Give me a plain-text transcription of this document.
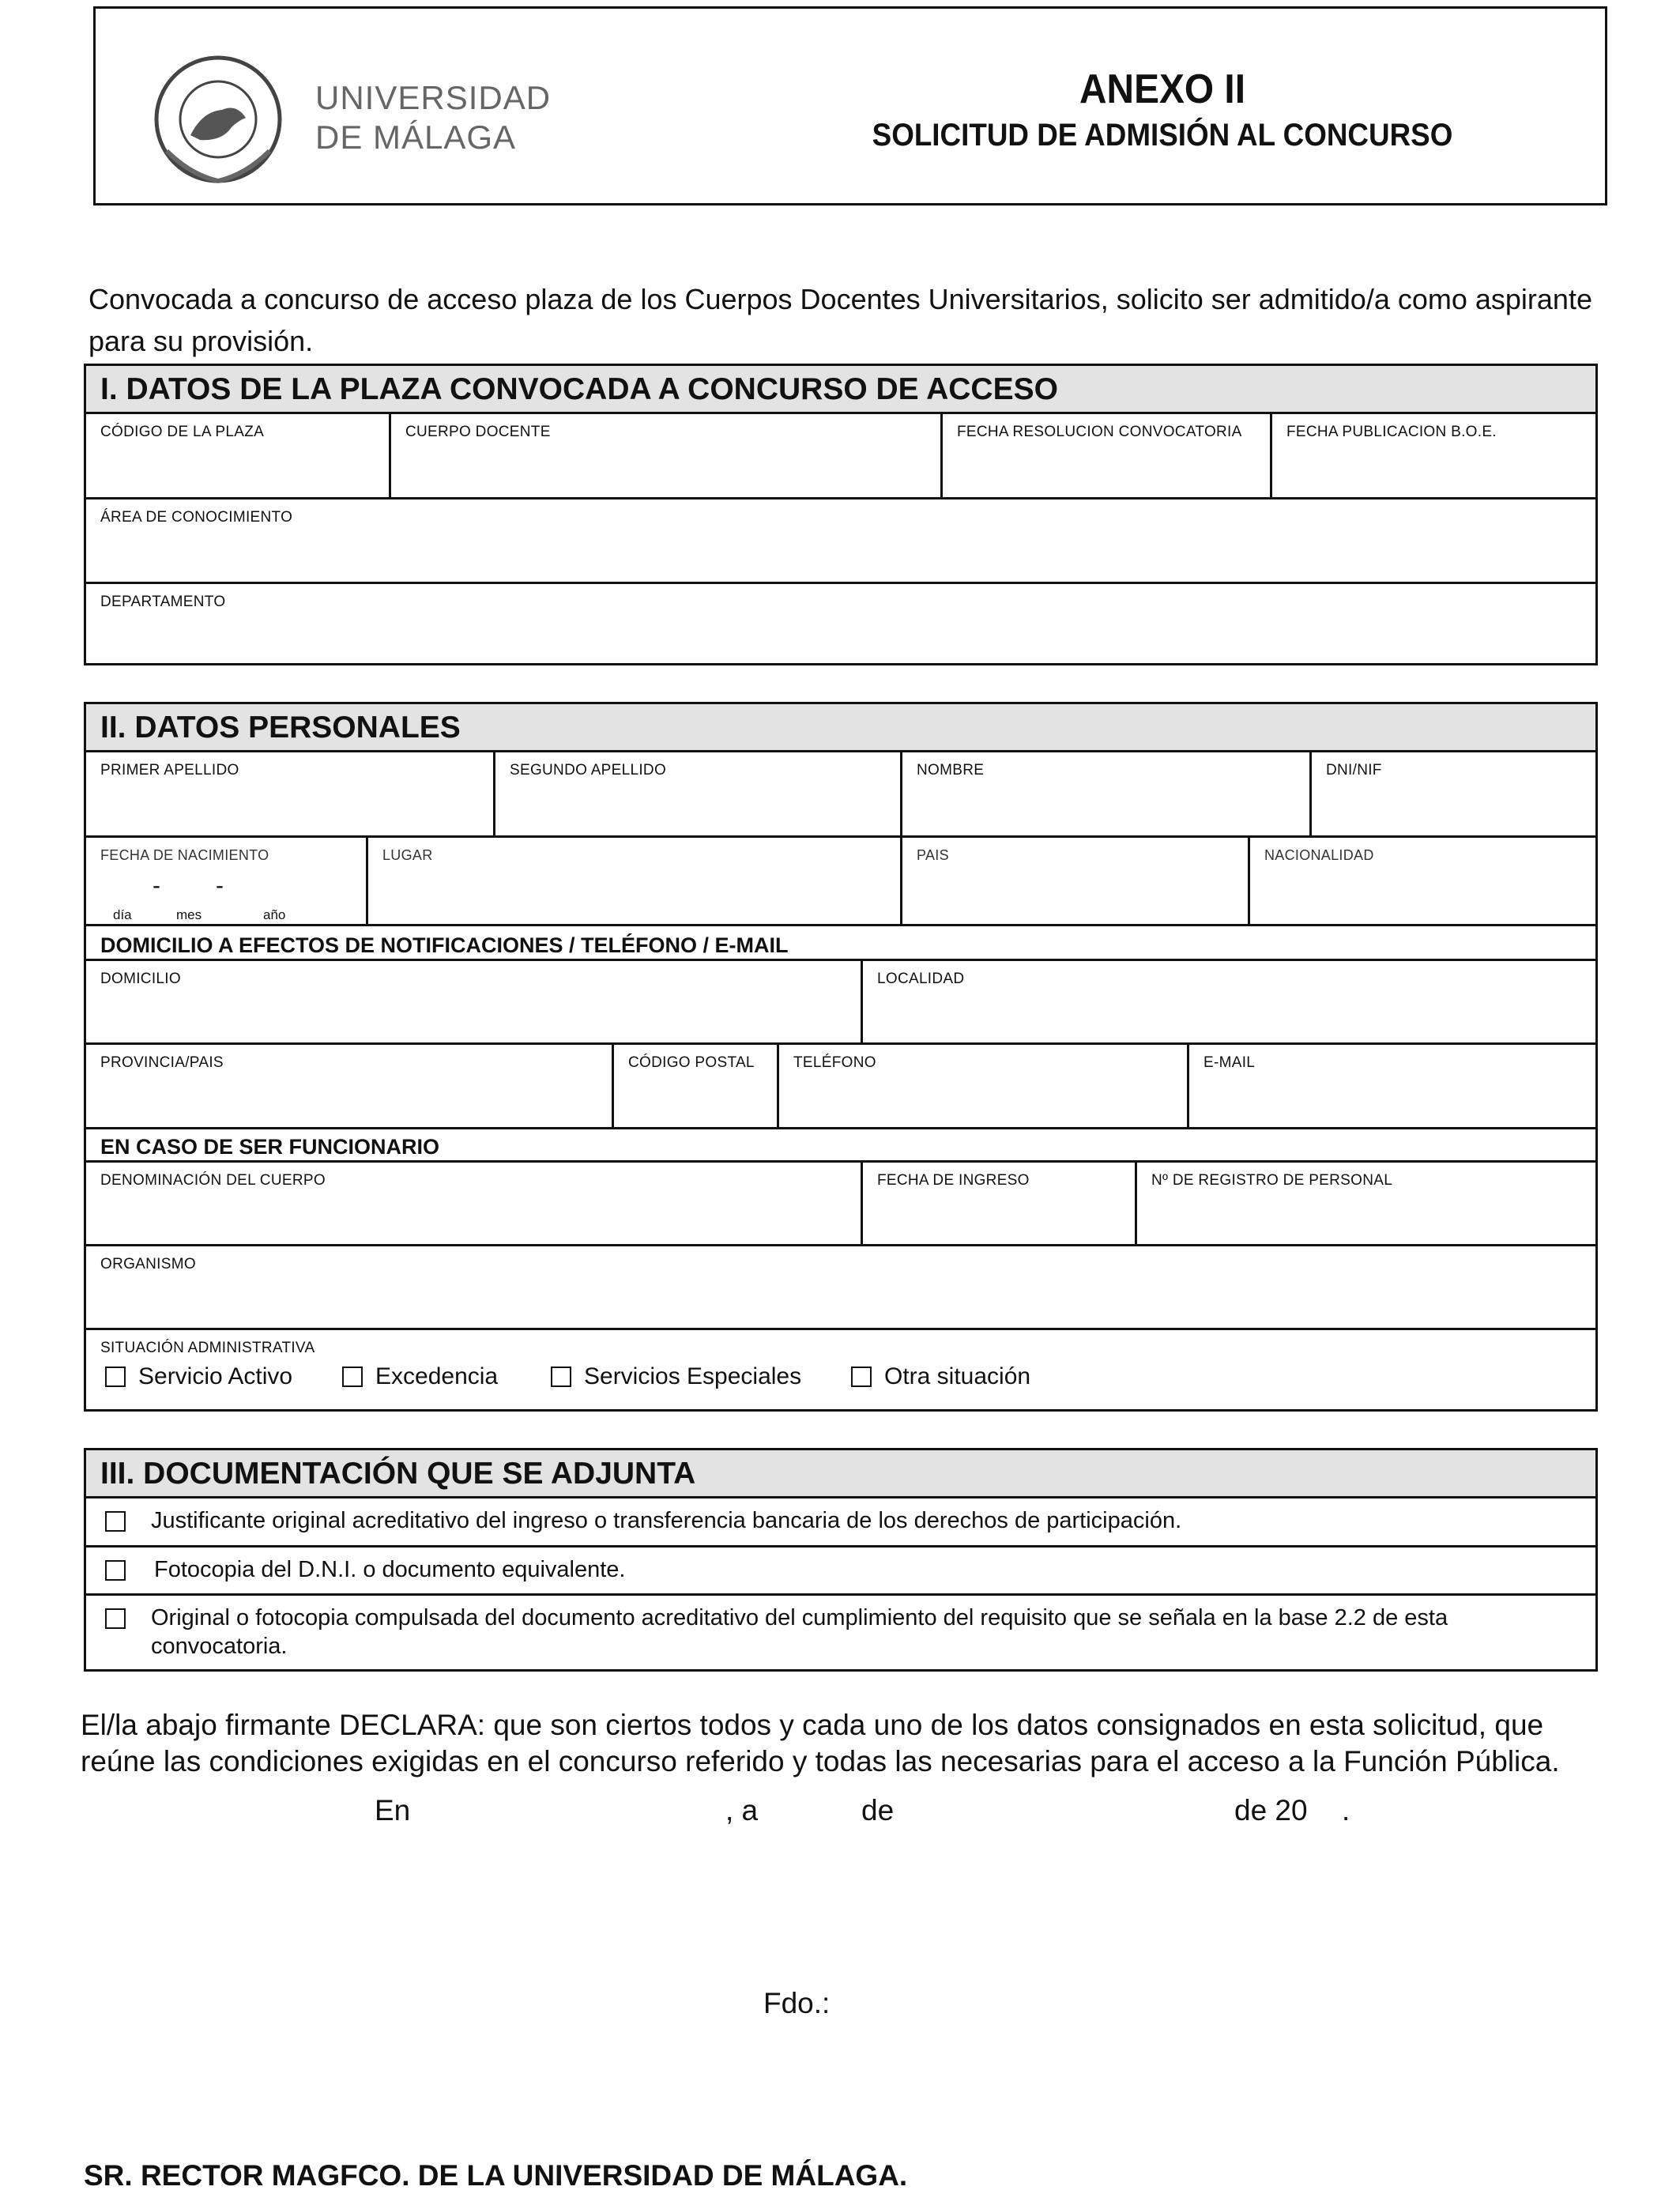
UNIVERSIDAD
DE MÁLAGA
ANEXO II
SOLICITUD DE ADMISIÓN AL CONCURSO
Convocada a concurso de acceso plaza de los Cuerpos Docentes Universitarios, solicito ser admitido/a como aspirante para su provisión.
I. DATOS DE LA PLAZA CONVOCADA A CONCURSO DE ACCESO
CÓDIGO DE LA PLAZA	CUERPO DOCENTE	FECHA RESOLUCION CONVOCATORIA	FECHA PUBLICACION B.O.E.
ÁREA DE CONOCIMIENTO
DEPARTAMENTO
II. DATOS PERSONALES
PRIMER APELLIDO	SEGUNDO APELLIDO	NOMBRE	DNI/NIF
FECHA DE NACIMIENTO
- -
día	mes	año
LUGAR	PAIS	NACIONALIDAD
DOMICILIO A EFECTOS DE NOTIFICACIONES / TELÉFONO / E-MAIL
DOMICILIO	LOCALIDAD
PROVINCIA/PAIS	CÓDIGO POSTAL	TELÉFONO	E-MAIL
EN CASO DE SER FUNCIONARIO
DENOMINACIÓN DEL CUERPO	FECHA DE INGRESO	Nº DE REGISTRO DE PERSONAL
ORGANISMO
SITUACIÓN ADMINISTRATIVA
Servicio Activo	Excedencia	Servicios Especiales	Otra situación
III. DOCUMENTACIÓN QUE SE ADJUNTA
Justificante original acreditativo del ingreso o transferencia bancaria de los derechos de participación.
Fotocopia del D.N.I. o documento equivalente.
Original o fotocopia compulsada del documento acreditativo del cumplimiento del requisito que se señala en la base 2.2 de esta convocatoria.
El/la abajo firmante DECLARA: que son ciertos todos y cada uno de los datos consignados en esta solicitud, que reúne las condiciones exigidas en el concurso referido y todas las necesarias para el acceso a la Función Pública.
En	, a	de	de 20 .
Fdo.:
SR. RECTOR MAGFCO. DE LA UNIVERSIDAD DE MÁLAGA.
